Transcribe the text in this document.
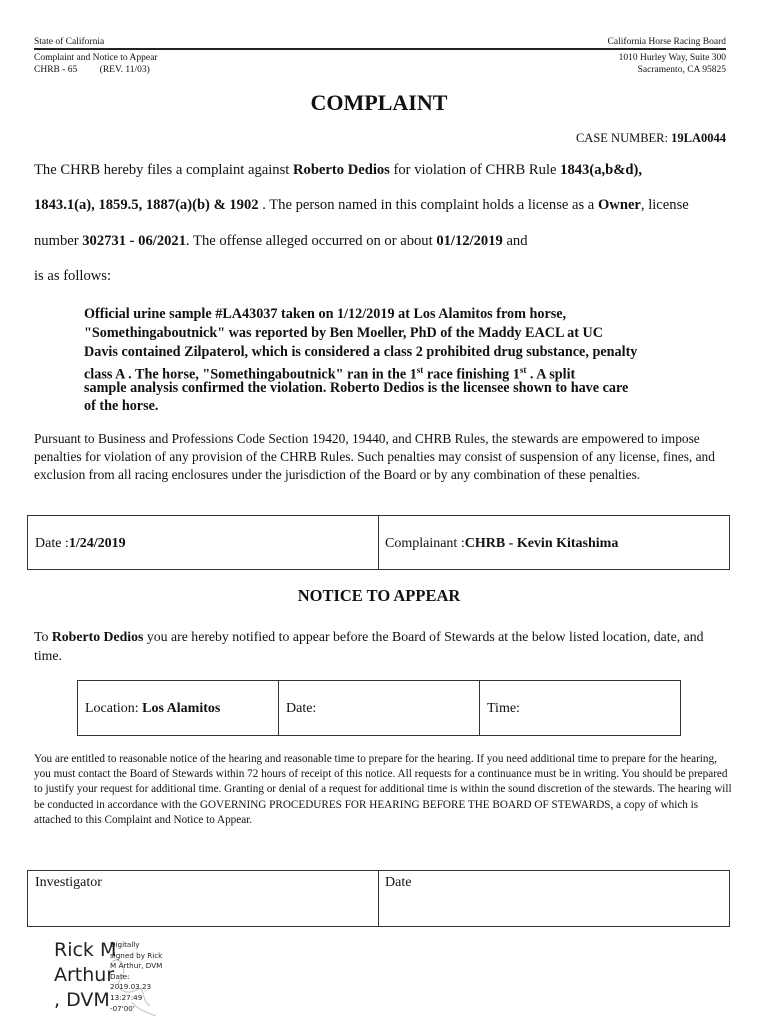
State of California	California Horse Racing Board
Complaint and Notice to Appear
CHRB - 65 (REV. 11/03)
1010 Hurley Way, Suite 300
Sacramento, CA 95825
COMPLAINT
CASE NUMBER: 19LA0044
The CHRB hereby files a complaint against Roberto Dedios for violation of CHRB Rule 1843(a,b&d),
1843.1(a), 1859.5, 1887(a)(b) & 1902 . The person named in this complaint holds a license as a Owner, license
number 302731 - 06/2021. The offense alleged occurred on or about 01/12/2019 and
is as follows:
Official urine sample #LA43037 taken on 1/12/2019 at Los Alamitos from horse,
"Somethingaboutnick" was reported by Ben Moeller, PhD of the Maddy EACL at UC
Davis contained Zilpaterol, which is considered a class 2 prohibited drug substance, penalty
class A . The horse, "Somethingaboutnick" ran in the 1st race finishing 1st . A split
sample analysis confirmed the violation. Roberto Dedios is the licensee shown to have care
of the horse.
Pursuant to Business and Professions Code Section 19420, 19440, and CHRB Rules, the stewards are empowered to impose penalties for violation of any provision of the CHRB Rules. Such penalties may consist of suspension of any license, fines, and exclusion from all racing enclosures under the jurisdiction of the Board or by any combination of these penalties.
Date :1/24/2019	Complainant :CHRB - Kevin Kitashima
NOTICE TO APPEAR
To Roberto Dedios you are hereby notified to appear before the Board of Stewards at the below listed location, date, and time.
Location: Los Alamitos	Date:	Time:
You are entitled to reasonable notice of the hearing and reasonable time to prepare for the hearing. If you need additional time to prepare for the hearing, you must contact the Board of Stewards within 72 hours of receipt of this notice. All requests for a continuance must be in writing. You should be prepared to justify your request for additional time. Granting or denial of a request for additional time is within the sound discretion of the stewards. The hearing will be conducted in accordance with the GOVERNING PROCEDURES FOR HEARING BEFORE THE BOARD OF STEWARDS, a copy of which is attached to this Complaint and Notice to Appear.
Investigator	Date
Rick M
Arthur
, DVM
Digitally
signed by Rick
M Arthur, DVM
Date:
2019.03.23
13:27:49
-07'00'
